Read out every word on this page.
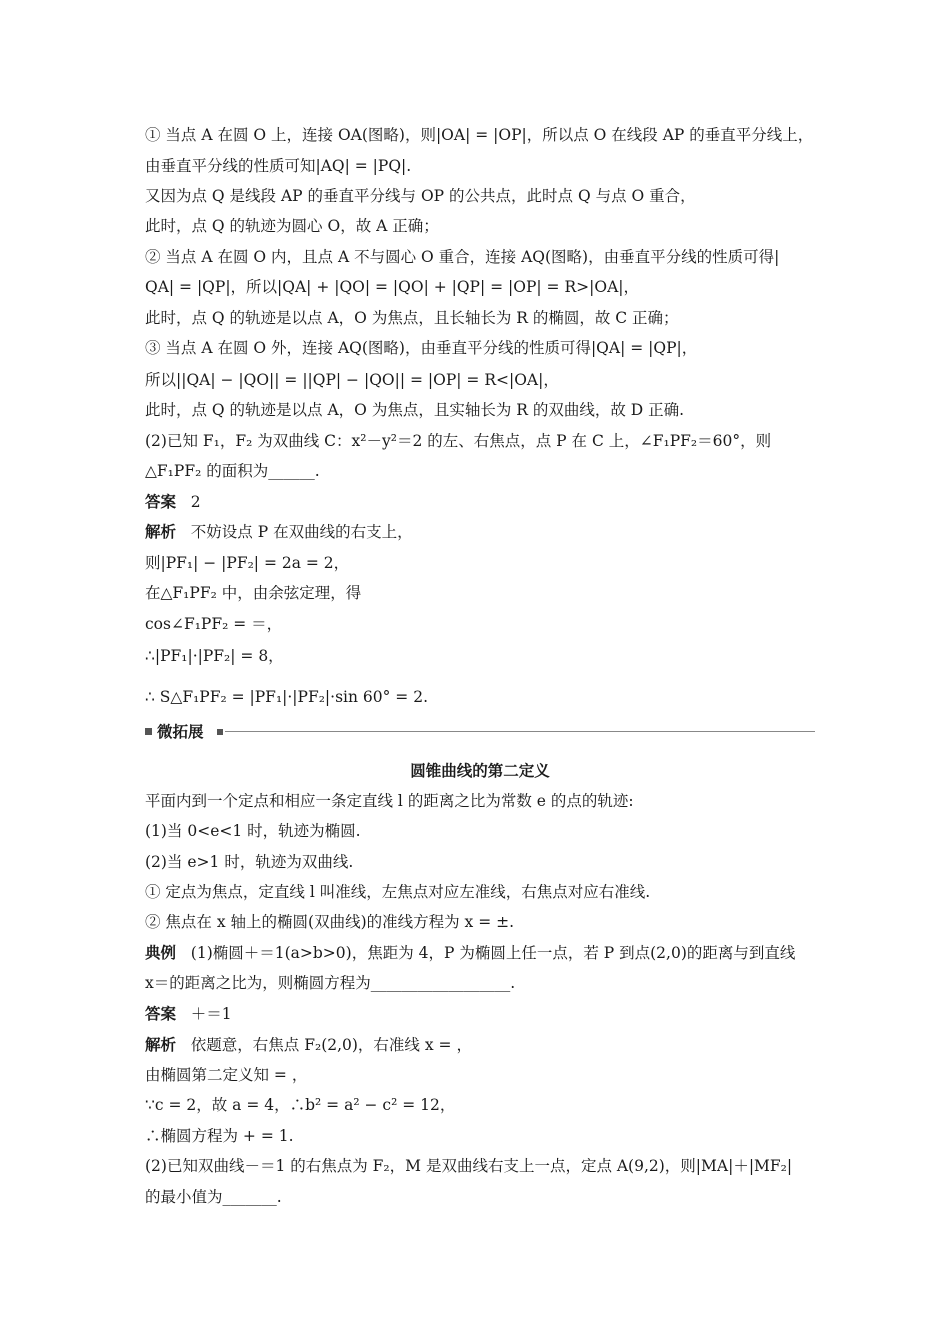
① 当点 A 在圆 O 上，连接 OA(图略)，则|OA| = |OP|，所以点 O 在线段 AP 的垂直平分线上，
由垂直平分线的性质可知|AQ| = |PQ|.
又因为点 Q 是线段 AP 的垂直平分线与 OP 的公共点，此时点 Q 与点 O 重合，
此时，点 Q 的轨迹为圆心 O，故 A 正确；
② 当点 A 在圆 O 内，且点 A 不与圆心 O 重合，连接 AQ(图略)，由垂直平分线的性质可得|
QA| = |QP|，所以|QA| + |QO| = |QO| + |QP| = |OP| = R>|OA|，
此时，点 Q 的轨迹是以点 A，O 为焦点，且长轴长为 R 的椭圆，故 C 正确；
③ 当点 A 在圆 O 外，连接 AQ(图略)，由垂直平分线的性质可得|QA| = |QP|，
所以||QA| − |QO|| = ||QP| − |QO|| = |OP| = R<|OA|，
此时，点 Q 的轨迹是以点 A，O 为焦点，且实轴长为 R 的双曲线，故 D 正确.
(2)已知 F₁，F₂ 为双曲线 C：x²－y²＝2 的左、右焦点，点 P 在 C 上，∠F₁PF₂＝60°，则
△F₁PF₂ 的面积为______.
答案 2
解析 不妨设点 P 在双曲线的右支上，
则|PF₁| − |PF₂| = 2a = 2，
在△F₁PF₂ 中，由余弦定理，得
cos∠F₁PF₂ = ＝，
∴|PF₁|·|PF₂| = 8，
∴ S△F₁PF₂ = |PF₁|·|PF₂|·sin 60° = 2.
微拓展
圆锥曲线的第二定义
平面内到一个定点和相应一条定直线 l 的距离之比为常数 e 的点的轨迹:
(1)当 0<e<1 时，轨迹为椭圆.
(2)当 e>1 时，轨迹为双曲线.
① 定点为焦点，定直线 l 叫准线，左焦点对应左准线，右焦点对应右准线.
② 焦点在 x 轴上的椭圆(双曲线)的准线方程为 x = ±.
典例 (1)椭圆＋＝1(a>b>0)，焦距为 4，P 为椭圆上任一点，若 P 到点(2,0)的距离与到直线
x＝的距离之比为，则椭圆方程为__________________.
答案 ＋＝1
解析 依题意，右焦点 F₂(2,0)，右准线 x = ，
由椭圆第二定义知 = ，
∵c = 2，故 a = 4，∴b² = a² − c² = 12，
∴椭圆方程为 + = 1.
(2)已知双曲线－＝1 的右焦点为 F₂，M 是双曲线右支上一点，定点 A(9,2)，则|MA|＋|MF₂|
的最小值为_______.
